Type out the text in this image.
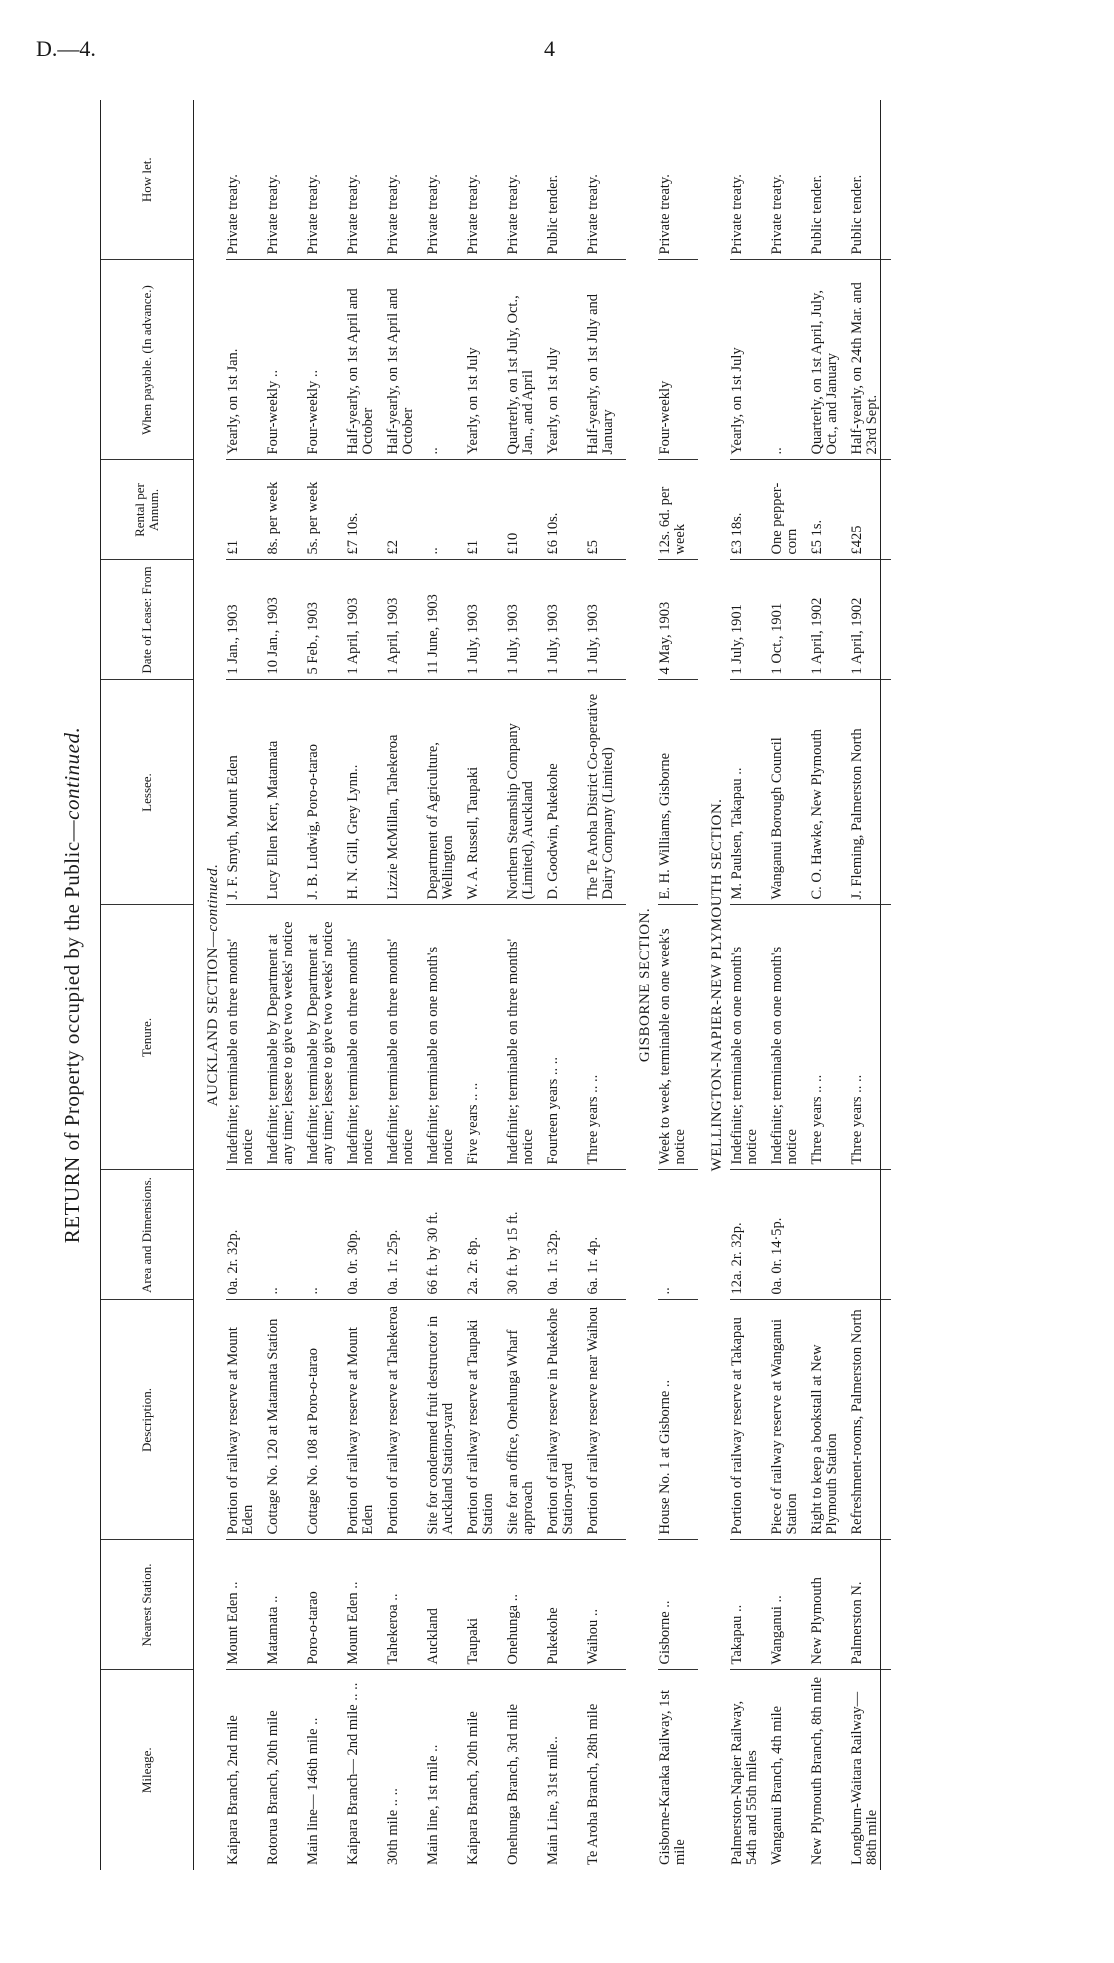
D.—4.	4
RETURN of Property occupied by the Public—continued.
Mileage.	Nearest Station.	Description.	Area and Dimensions.	Tenure.	Lessee.	Date of Lease: From	Rental per Annum.	When payable. (In advance.)	How let.
AUCKLAND SECTION—continued.									
Kaipara Branch, 2nd mile	Mount Eden ..	Portion of railway reserve at Mount Eden	0a. 2r. 32p.	Indefinite; terminable on three months' notice	J. F. Smyth, Mount Eden	1 Jan., 1903	£1	Yearly, on 1st Jan.	Private treaty.

Rotorua Branch, 20th mile	Matamata ..	Cottage No. 120 at Matamata Station	..	Indefinite; terminable by Department at any time; lessee to give two weeks' notice	Lucy Ellen Kerr, Matamata	10 Jan., 1903	8s. per week	Four-weekly ..	Private treaty.

Main line— 146th mile ..	Poro-o-tarao	Cottage No. 108 at Poro-o-tarao	..	Indefinite; terminable by Department at any time; lessee to give two weeks' notice	J. B. Ludwig, Poro-o-tarao	5 Feb., 1903	5s. per week	Four-weekly ..	Private treaty.

Kaipara Branch— 2nd mile .. ..	Mount Eden ..	Portion of railway reserve at Mount Eden	0a. 0r. 30p.	Indefinite; terminable on three months' notice	H. N. Gill, Grey Lynn..	1 April, 1903	£7 10s.	Half-yearly, on 1st April and October	Private treaty.

30th mile .. ..	Tahekeroa ..	Portion of railway reserve at Tahekeroa	0a. 1r. 25p.	Indefinite; terminable on three months' notice	Lizzie McMillan, Tahekeroa	1 April, 1903	£2	Half-yearly, on 1st April and October	Private treaty.

Main line, 1st mile ..	Auckland	Site for condemned fruit destructor in Auckland Station-yard	66 ft. by 30 ft.	Indefinite; terminable on one month's notice	Department of Agriculture, Wellington	11 June, 1903	..	..	Private treaty.

Kaipara Branch, 20th mile	Taupaki	Portion of railway reserve at Taupaki Station	2a. 2r. 8p.	Five years .. ..	W. A. Russell, Taupaki	1 July, 1903	£1	Yearly, on 1st July	Private treaty.

Onehunga Branch, 3rd mile	Onehunga ..	Site for an office, Onehunga Wharf approach	30 ft. by 15 ft.	Indefinite; terminable on three months' notice	Northern Steamship Company (Limited), Auckland	1 July, 1903	£10	Quarterly, on 1st July, Oct., Jan., and April	Private treaty.

Main Line, 31st mile..	Pukekohe	Portion of railway reserve in Pukekohe Station-yard	0a. 1r. 32p.	Fourteen years .. ..	D. Goodwin, Pukekohe	1 July, 1903	£6 10s.	Yearly, on 1st July	Public tender.

Te Aroha Branch, 28th mile	Waihou ..	Portion of railway reserve near Waihou	6a. 1r. 4p.	Three years .. ..	The Te Aroha District Co-operative Dairy Company (Limited)	1 July, 1903	£5	Half-yearly, on 1st July and January	Private treaty.

GISBORNE SECTION.									
Gisborne-Karaka Railway, 1st mile	Gisborne ..	House No. 1 at Gisborne ..	..	Week to week, terminable on one week's notice	E. H. Williams, Gisborne	4 May, 1903	12s. 6d. per week	Four-weekly	Private treaty.

WELLINGTON-NAPIER-NEW PLYMOUTH SECTION.									
Palmerston-Napier Railway, 54th and 55th miles	Takapau ..	Portion of railway reserve at Takapau	12a. 2r. 32p.	Indefinite; terminable on one month's notice	M. Paulsen, Takapau ..	1 July, 1901	£3 18s.	Yearly, on 1st July	Private treaty.

Wanganui Branch, 4th mile	Wanganui ..	Piece of railway reserve at Wanganui Station	0a. 0r. 14·5p.	Indefinite; terminable on one month's notice	Wanganui Borough Council	1 Oct., 1901	One pepper-corn	..	Private treaty.

New Plymouth Branch, 8th mile	New Plymouth	Right to keep a bookstall at New Plymouth Station		Three years .. ..	C. O. Hawke, New Plymouth	1 April, 1902	£5 1s.	Quarterly, on 1st April, July, Oct., and January	Public tender.

Longburn-Waitara Railway— 88th mile	Palmerston N.	Refreshment-rooms, Palmerston North		Three years .. ..	J. Fleming, Palmerston North	1 April, 1902	£425	Half-yearly, on 24th Mar. and 23rd Sept.	Public tender.
